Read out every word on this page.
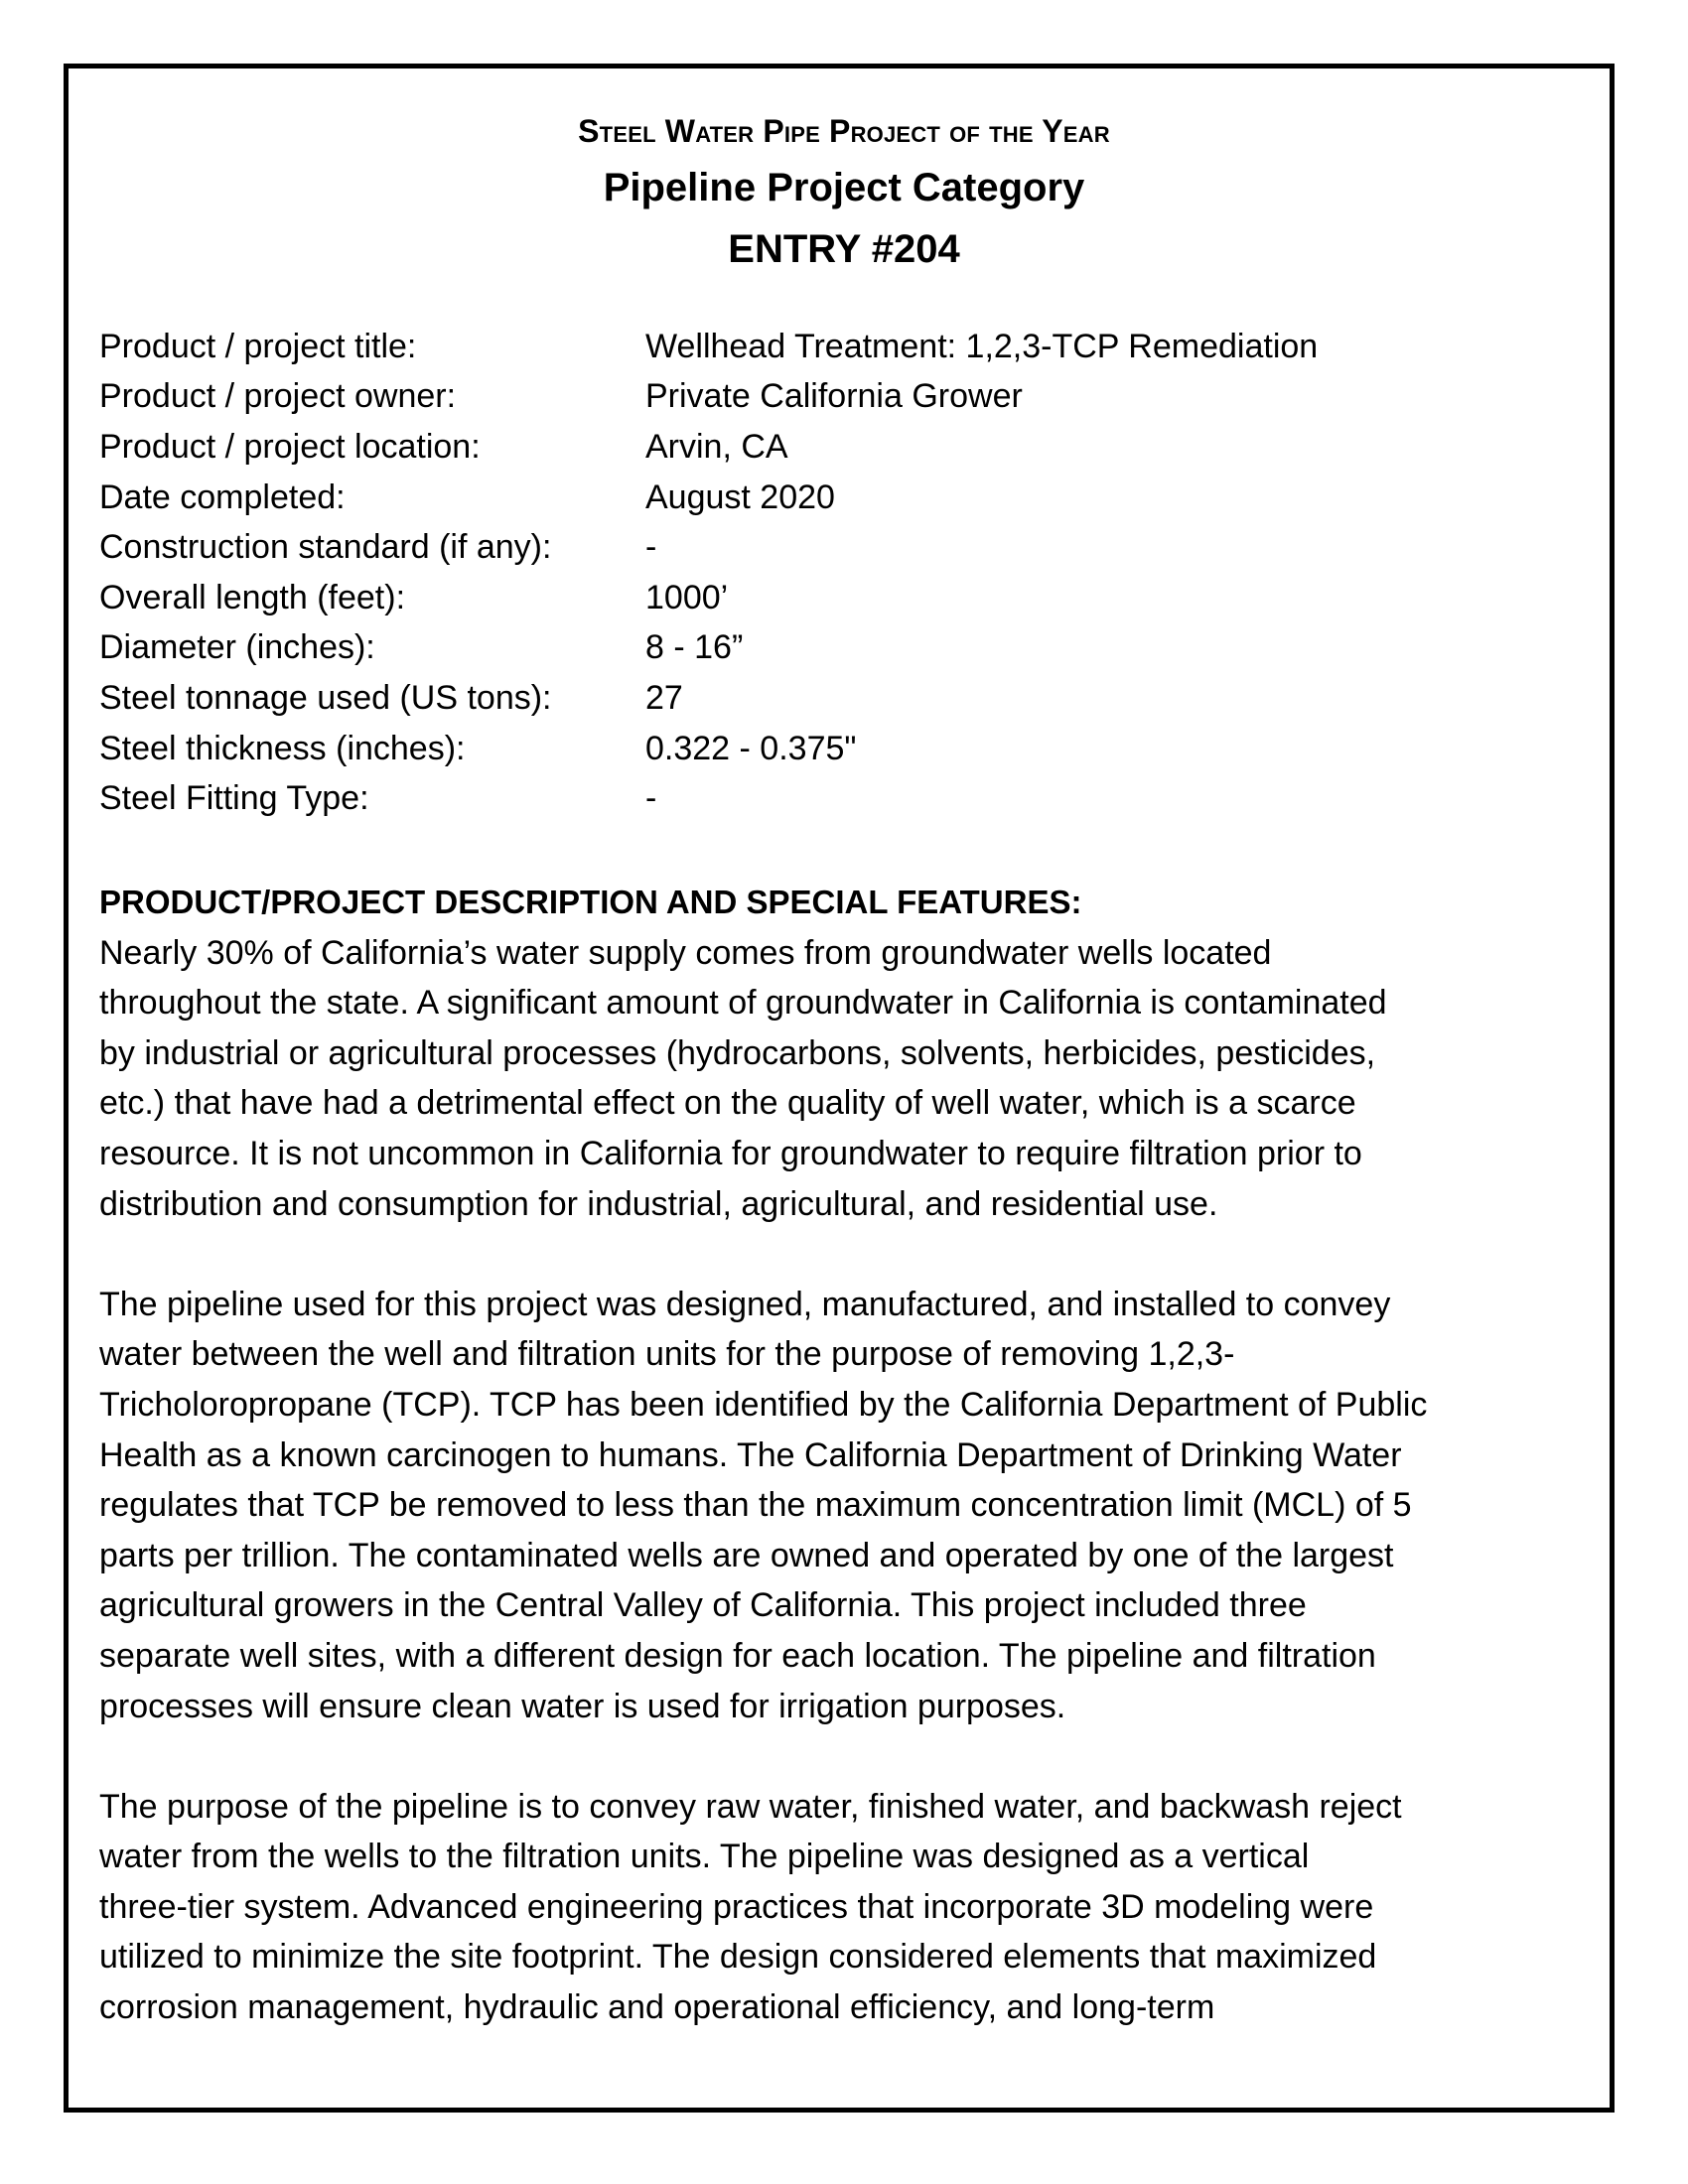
Steel Water Pipe Project of the Year
Pipeline Project Category
ENTRY #204
Product / project title:	Wellhead Treatment: 1,2,3-TCP Remediation
Product / project owner:	Private California Grower
Product / project location:	Arvin, CA
Date completed:	August 2020
Construction standard (if any):	-
Overall length (feet):	1000’
Diameter (inches):	8 - 16”
Steel tonnage used (US tons):	27
Steel thickness (inches):	0.322 - 0.375"
Steel Fitting Type:	-
PRODUCT/PROJECT DESCRIPTION AND SPECIAL FEATURES:

Nearly 30% of California’s water supply comes from groundwater wells located
throughout the state. A significant amount of groundwater in California is contaminated
by industrial or agricultural processes (hydrocarbons, solvents, herbicides, pesticides,
etc.) that have had a detrimental effect on the quality of well water, which is a scarce
resource. It is not uncommon in California for groundwater to require filtration prior to
distribution and consumption for industrial, agricultural, and residential use.

The pipeline used for this project was designed, manufactured, and installed to convey
water between the well and filtration units for the purpose of removing 1,2,3-
Tricholoropropane (TCP). TCP has been identified by the California Department of Public
Health as a known carcinogen to humans. The California Department of Drinking Water
regulates that TCP be removed to less than the maximum concentration limit (MCL) of 5
parts per trillion. The contaminated wells are owned and operated by one of the largest
agricultural growers in the Central Valley of California. This project included three
separate well sites, with a different design for each location. The pipeline and filtration
processes will ensure clean water is used for irrigation purposes.

The purpose of the pipeline is to convey raw water, finished water, and backwash reject
water from the wells to the filtration units. The pipeline was designed as a vertical
three-tier system. Advanced engineering practices that incorporate 3D modeling were
utilized to minimize the site footprint. The design considered elements that maximized
corrosion management, hydraulic and operational efficiency, and long-term
